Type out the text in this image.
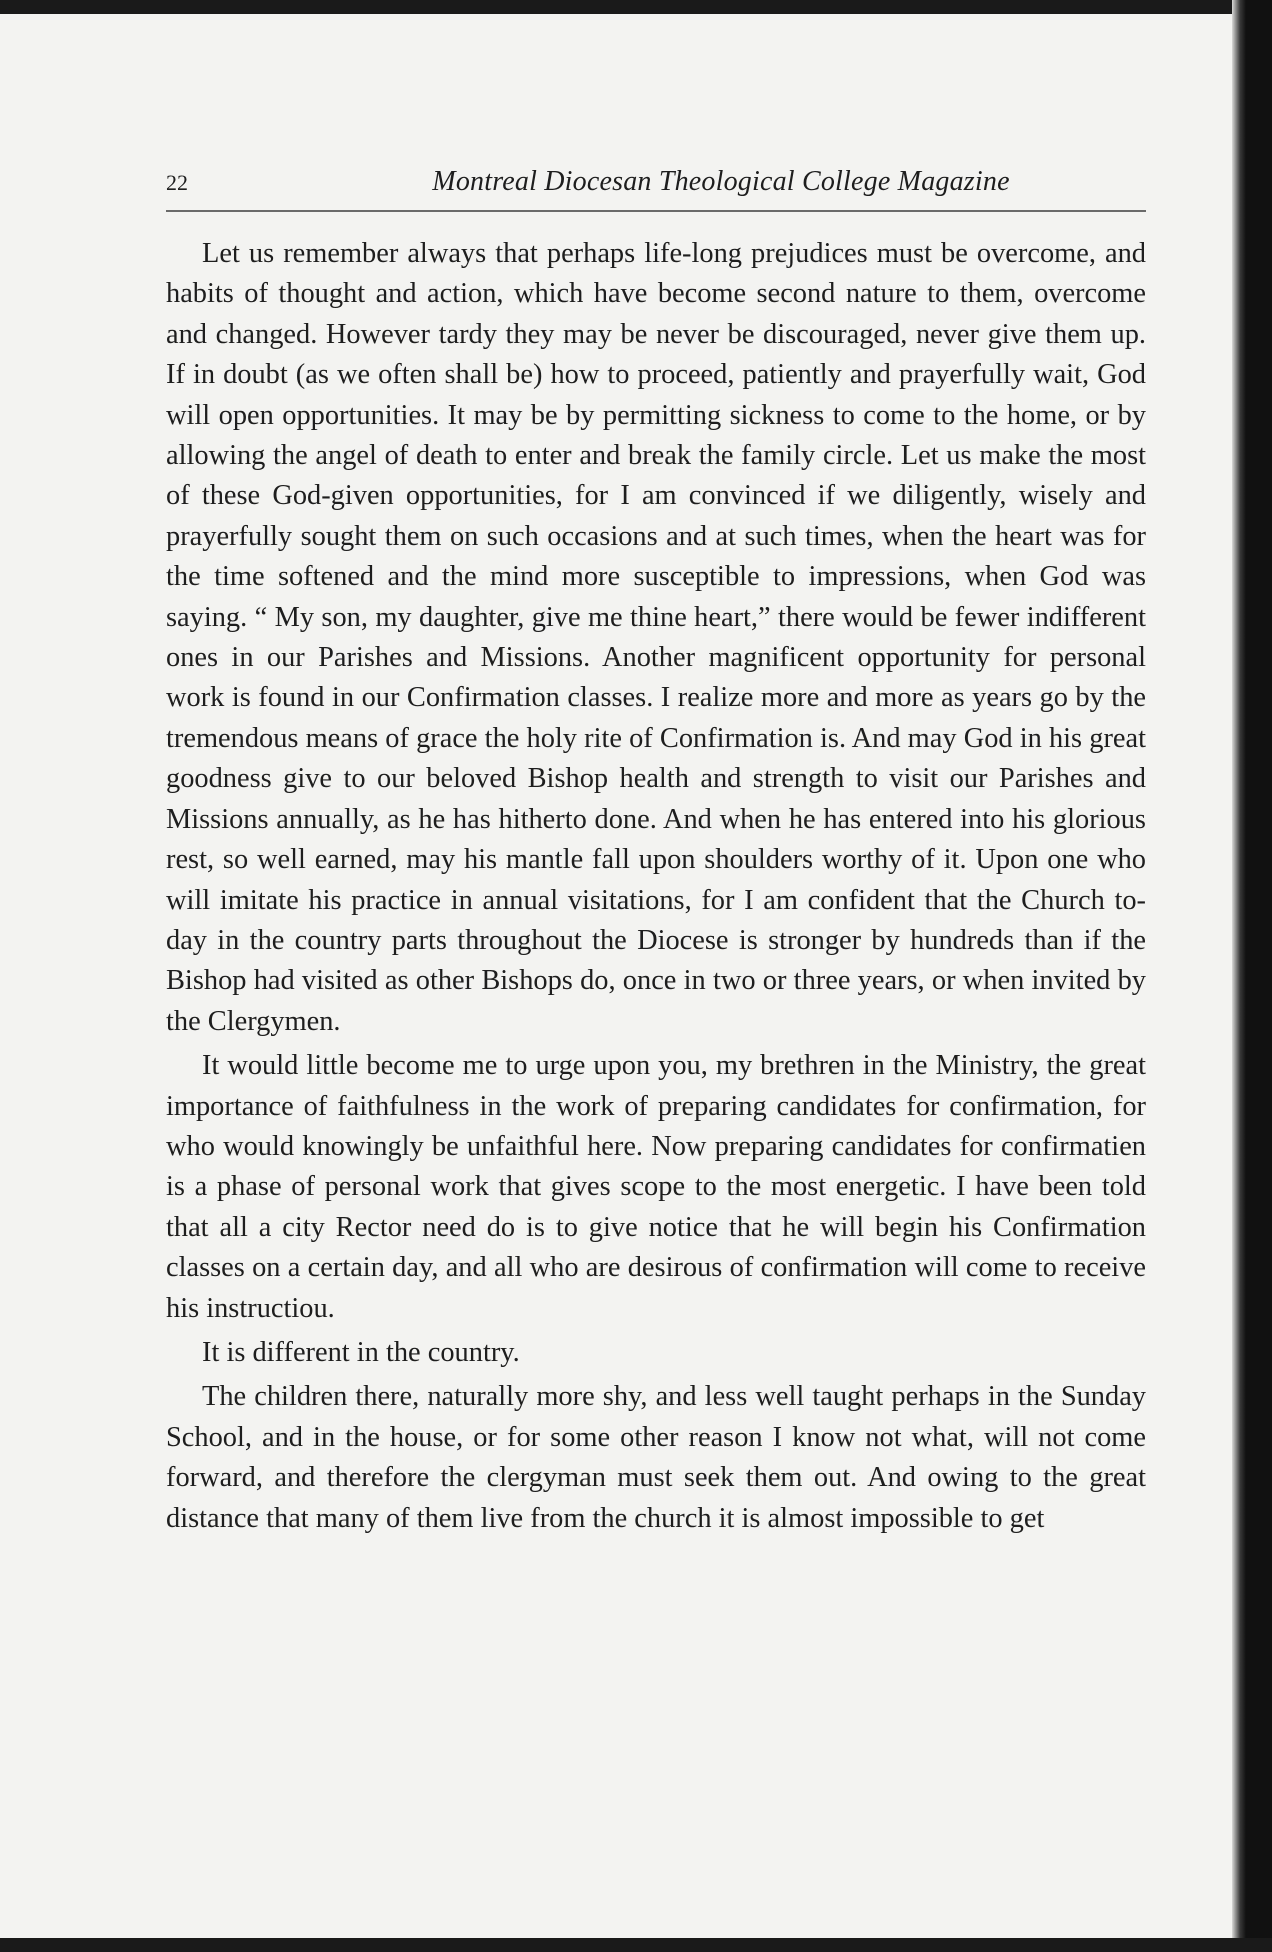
22	Montreal Diocesan Theological College Magazine

Let us remember always that perhaps life-long prejudices must be overcome, and habits of thought and action, which have become second nature to them, overcome and changed. However tardy they may be never be discouraged, never give them up. If in doubt (as we often shall be) how to proceed, patiently and prayerfully wait, God will open opportunities. It may be by permitting sickness to come to the home, or by allowing the angel of death to enter and break the family circle. Let us make the most of these God-given opportunities, for I am convinced if we diligently, wisely and prayerfully sought them on such occasions and at such times, when the heart was for the time softened and the mind more susceptible to impressions, when God was saying. “ My son, my daughter, give me thine heart,” there would be fewer indifferent ones in our Parishes and Missions. Another magnificent opportunity for personal work is found in our Confirmation classes. I realize more and more as years go by the tremendous means of grace the holy rite of Confirmation is. And may God in his great goodness give to our beloved Bishop health and strength to visit our Parishes and Missions annually, as he has hitherto done. And when he has entered into his glorious rest, so well earned, may his mantle fall upon shoulders worthy of it. Upon one who will imitate his practice in annual visitations, for I am confident that the Church to-day in the country parts throughout the Diocese is stronger by hundreds than if the Bishop had visited as other Bishops do, once in two or three years, or when invited by the Clergymen.

It would little become me to urge upon you, my brethren in the Ministry, the great importance of faithfulness in the work of preparing candidates for confirmation, for who would knowingly be unfaithful here. Now preparing candidates for confirmatien is a phase of personal work that gives scope to the most energetic. I have been told that all a city Rector need do is to give notice that he will begin his Confirmation classes on a certain day, and all who are desirous of confirmation will come to receive his instructiou.

It is different in the country.

The children there, naturally more shy, and less well taught perhaps in the Sunday School, and in the house, or for some other reason I know not what, will not come forward, and therefore the clergyman must seek them out. And owing to the great distance that many of them live from the church it is almost impossible to get
